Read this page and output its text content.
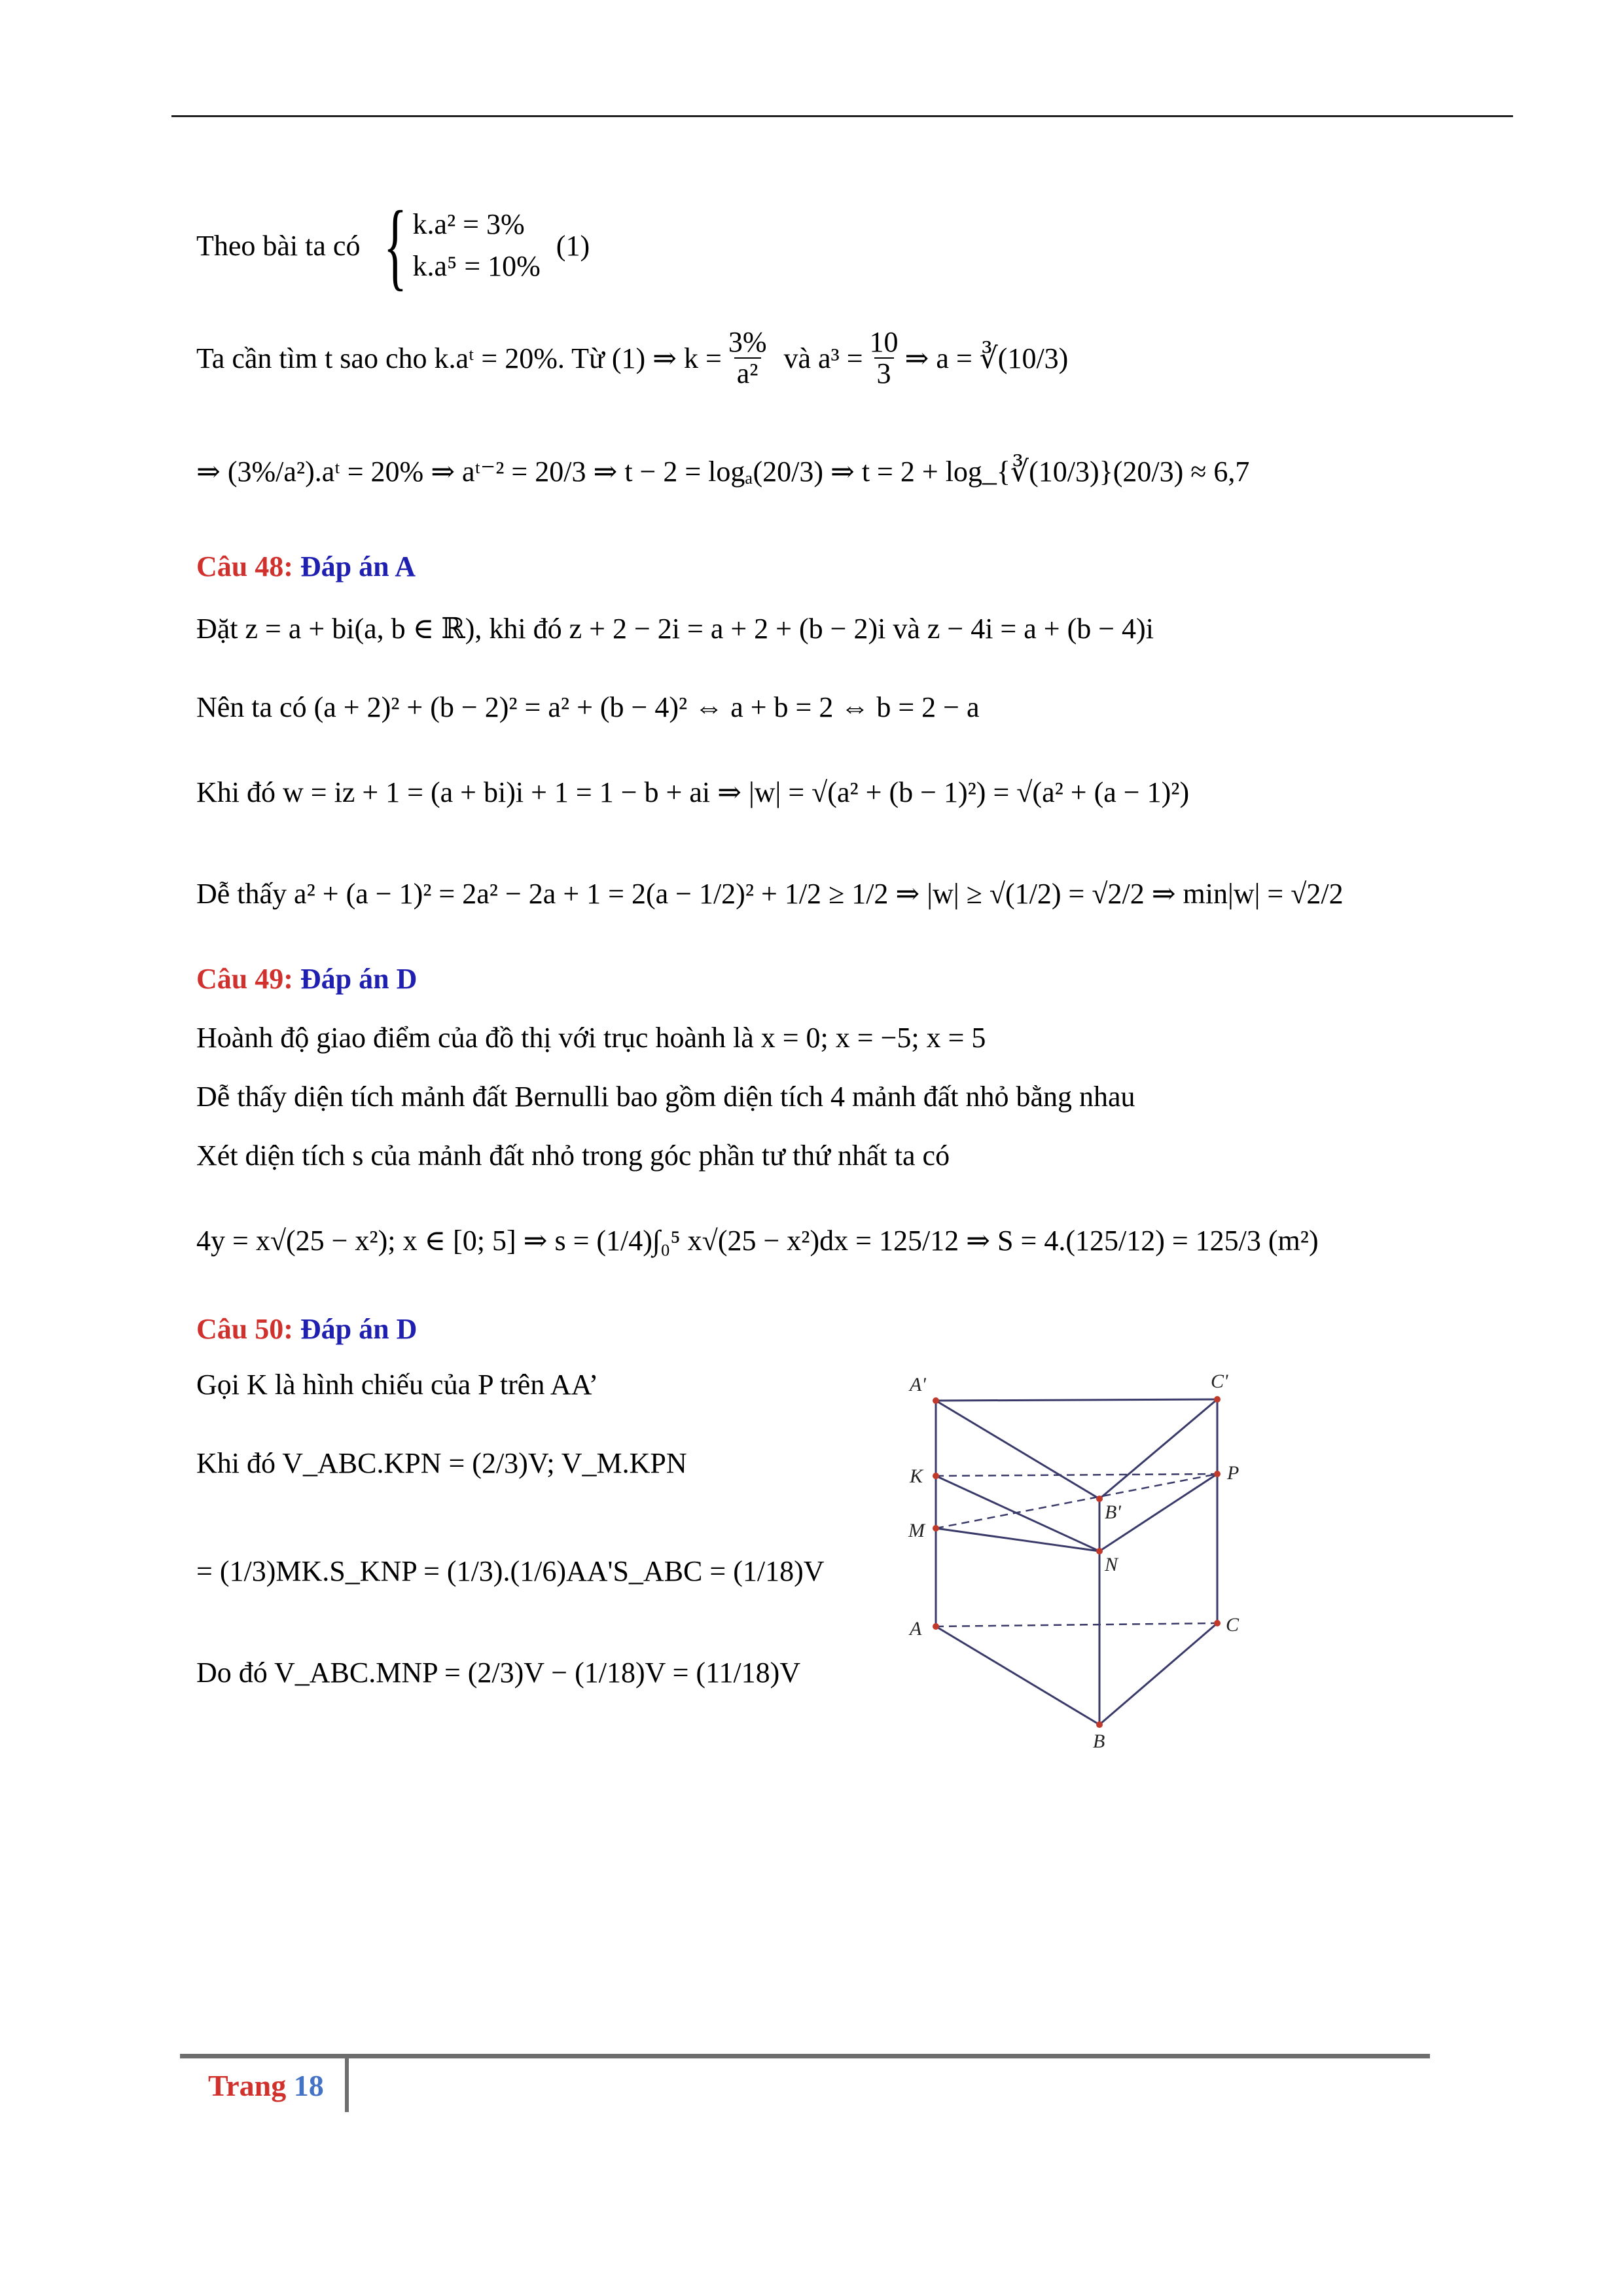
Theo bài ta có { k.a² = 3%
k.a⁵ = 10%
(1)
Ta cần tìm t sao cho k.aᵗ = 20%. Từ (1) ⇒ $k = \frac{3\%}{\text{a²}}$ và $a^3 = \frac{10}{3}$ ⇒ a = ∛(10/3)
⇒ (3%/a²).aᵗ = 20% ⇒ aᵗ⁻² = 20/3 ⇒ t − 2 = logₐ(20/3) ⇒ t = 2 + log_{∛(10/3)}(20/3) ≈ 6,7
Câu 48: Đáp án A
Đặt z = a + bi(a, b ∈ ℝ), khi đó z + 2 − 2i = a + 2 + (b − 2)i và z − 4i = a + (b − 4)i
Nên ta có (a + 2)² + (b − 2)² = a² + (b − 4)² ⇔ a + b = 2 ⇔ b = 2 − a
Khi đó w = iz + 1 = (a + bi)i + 1 = 1 − b + ai ⇒ |w| = √(a² + (b − 1)²) = √(a² + (a − 1)²)
Dễ thấy a² + (a − 1)² = 2a² − 2a + 1 = 2(a − 1/2)² + 1/2 ≥ 1/2 ⇒ |w| ≥ √(1/2) = √2/2 ⇒ min|w| = √2/2
Câu 49: Đáp án D
Hoành độ giao điểm của đồ thị với trục hoành là x = 0; x = −5; x = 5
Dễ thấy diện tích mảnh đất Bernulli bao gồm diện tích 4 mảnh đất nhỏ bằng nhau
Xét diện tích s của mảnh đất nhỏ trong góc phần tư thứ nhất ta có
4y = x√(25 − x²); x ∈ [0; 5] ⇒ s = (1/4)∫₀⁵ x√(25 − x²)dx = 125/12 ⇒ S = 4.(125/12) = 125/3 (m²)
Câu 50: Đáp án D
Gọi K là hình chiếu của P trên AA’
Khi đó V_ABC.KPN = (2/3)V; V_M.KPN
= (1/3)MK.S_KNP = (1/3).(1/6)AA'S_ABC = (1/18)V
Do đó V_ABC.MNP = (2/3)V − (1/18)V = (11/18)V
A'	C'
K	P
B'
M
N
A	C
B
Trang 18
